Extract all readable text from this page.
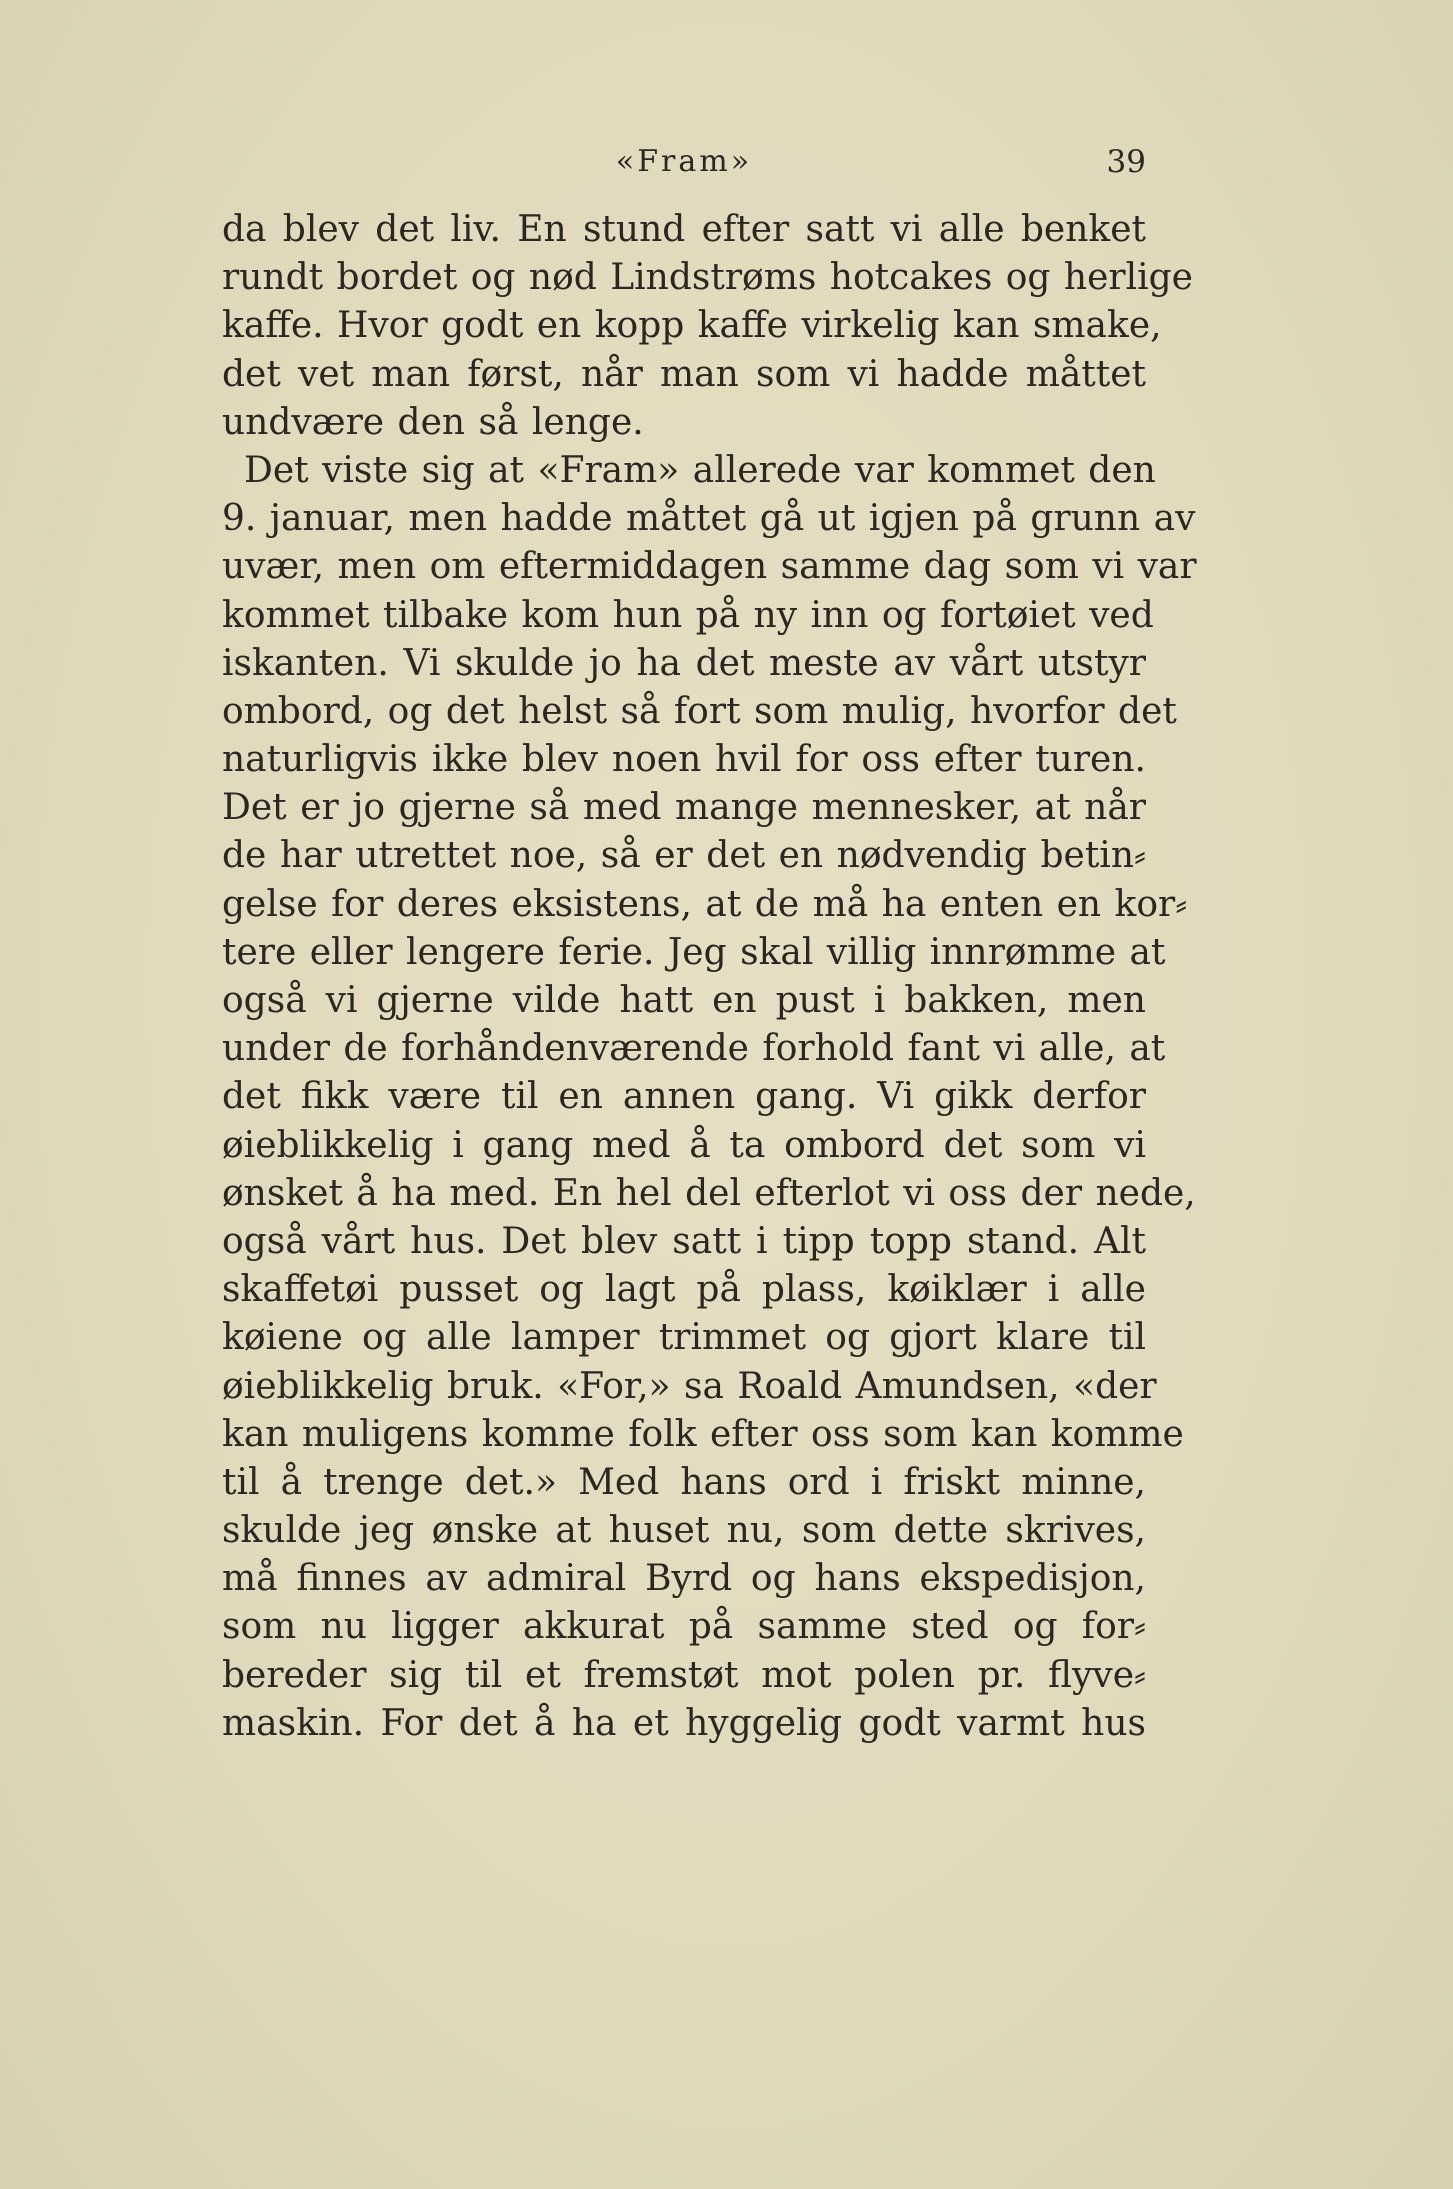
«Fram»	39
da blev det liv. En stund efter satt vi alle benket
rundt bordet og nød Lindstrøms hotcakes og herlige
kaffe. Hvor godt en kopp kaffe virkelig kan smake,
det vet man først, når man som vi hadde måttet
undvære den så lenge.
Det viste sig at «Fram» allerede var kommet den
9. januar, men hadde måttet gå ut igjen på grunn av
uvær, men om eftermiddagen samme dag som vi var
kommet tilbake kom hun på ny inn og fortøiet ved
iskanten. Vi skulde jo ha det meste av vårt utstyr
ombord, og det helst så fort som mulig, hvorfor det
naturligvis ikke blev noen hvil for oss efter turen.
Det er jo gjerne så med mange mennesker, at når
de har utrettet noe, så er det en nødvendig betin⸗
gelse for deres eksistens, at de må ha enten en kor⸗
tere eller lengere ferie. Jeg skal villig innrømme at
også vi gjerne vilde hatt en pust i bakken, men
under de forhåndenværende forhold fant vi alle, at
det fikk være til en annen gang. Vi gikk derfor
øieblikkelig i gang med å ta ombord det som vi
ønsket å ha med. En hel del efterlot vi oss der nede,
også vårt hus. Det blev satt i tipp topp stand. Alt
skaffetøi pusset og lagt på plass, køiklær i alle
køiene og alle lamper trimmet og gjort klare til
øieblikkelig bruk. «For,» sa Roald Amundsen, «der
kan muligens komme folk efter oss som kan komme
til å trenge det.» Med hans ord i friskt minne,
skulde jeg ønske at huset nu, som dette skrives,
må finnes av admiral Byrd og hans ekspedisjon,
som nu ligger akkurat på samme sted og for⸗
bereder sig til et fremstøt mot polen pr. flyve⸗
maskin. For det å ha et hyggelig godt varmt hus
